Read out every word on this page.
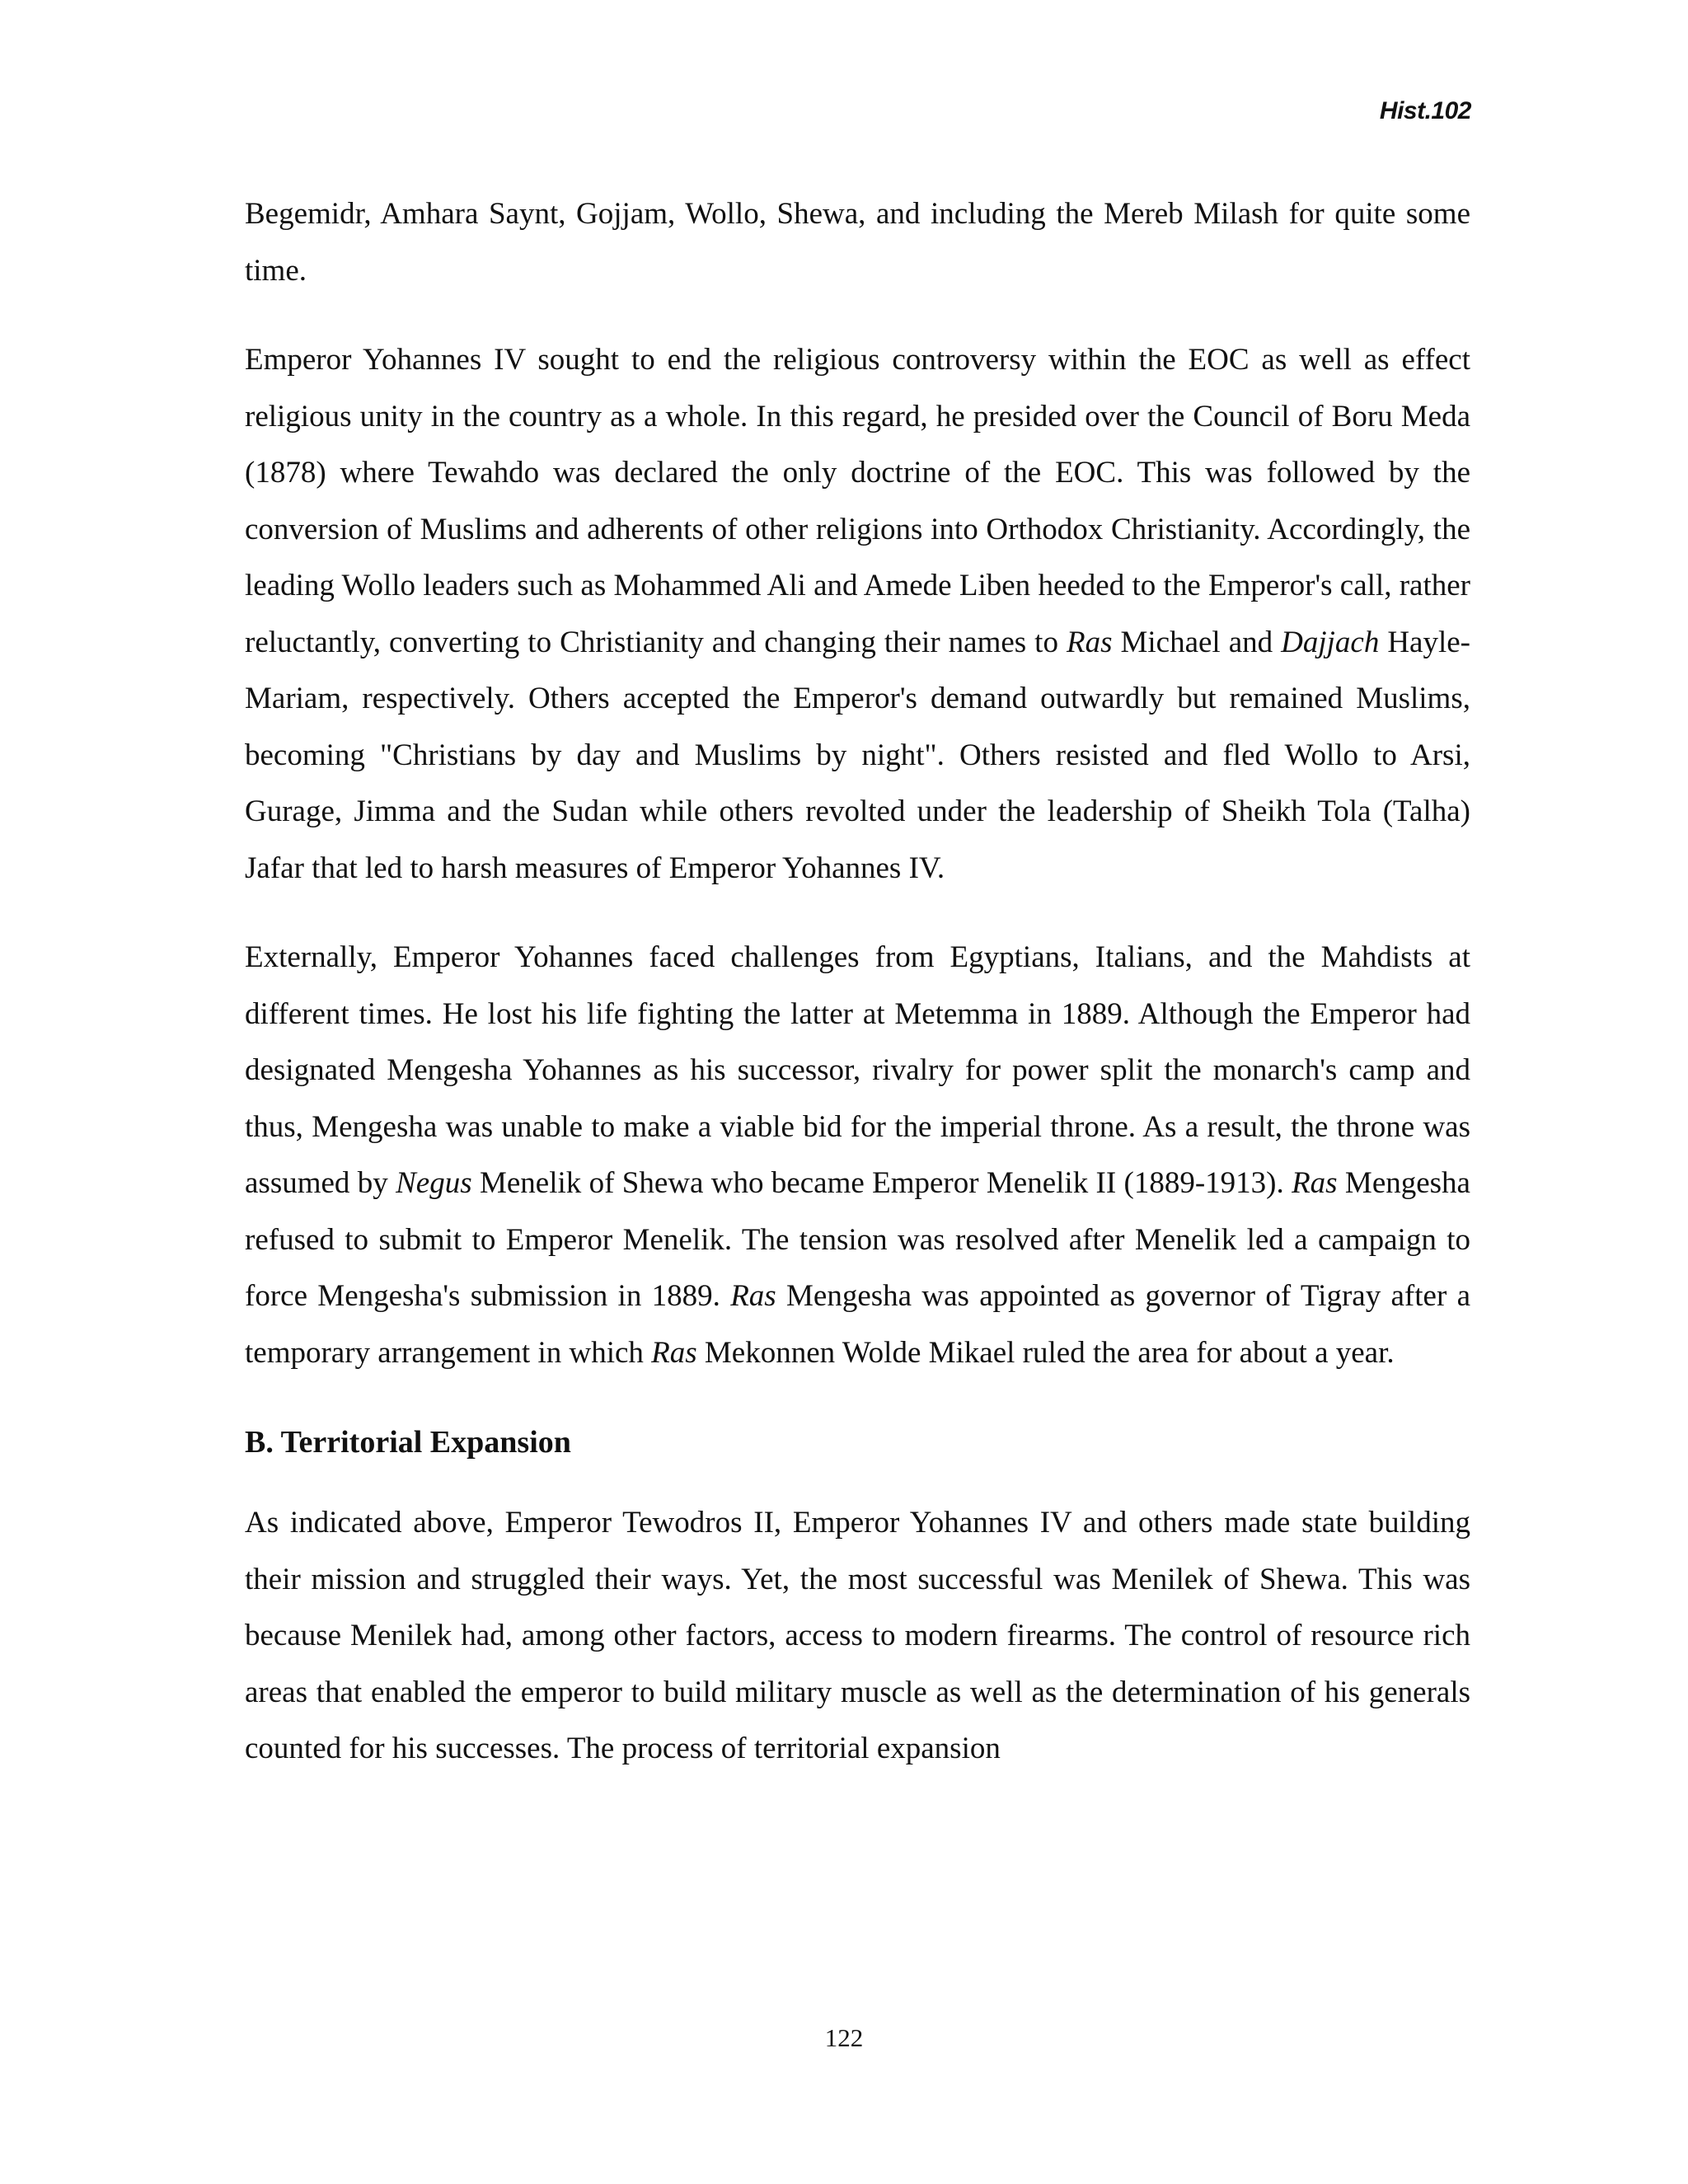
Hist.102

Begemidr, Amhara Saynt, Gojjam, Wollo, Shewa, and including the Mereb Milash for quite some time.

Emperor Yohannes IV sought to end the religious controversy within the EOC as well as effect religious unity in the country as a whole. In this regard, he presided over the Council of Boru Meda (1878) where Tewahdo was declared the only doctrine of the EOC. This was followed by the conversion of Muslims and adherents of other religions into Orthodox Christianity. Accordingly, the leading Wollo leaders such as Mohammed Ali and Amede Liben heeded to the Emperor's call, rather reluctantly, converting to Christianity and changing their names to Ras Michael and Dajjach Hayle-Mariam, respectively. Others accepted the Emperor's demand outwardly but remained Muslims, becoming "Christians by day and Muslims by night". Others resisted and fled Wollo to Arsi, Gurage, Jimma and the Sudan while others revolted under the leadership of Sheikh Tola (Talha) Jafar that led to harsh measures of Emperor Yohannes IV.

Externally, Emperor Yohannes faced challenges from Egyptians, Italians, and the Mahdists at different times. He lost his life fighting the latter at Metemma in 1889. Although the Emperor had designated Mengesha Yohannes as his successor, rivalry for power split the monarch's camp and thus, Mengesha was unable to make a viable bid for the imperial throne. As a result, the throne was assumed by Negus Menelik of Shewa who became Emperor Menelik II (1889-1913). Ras Mengesha refused to submit to Emperor Menelik. The tension was resolved after Menelik led a campaign to force Mengesha's submission in 1889. Ras Mengesha was appointed as governor of Tigray after a temporary arrangement in which Ras Mekonnen Wolde Mikael ruled the area for about a year.

B. Territorial Expansion

As indicated above, Emperor Tewodros II, Emperor Yohannes IV and others made state building their mission and struggled their ways. Yet, the most successful was Menilek of Shewa. This was because Menilek had, among other factors, access to modern firearms. The control of resource rich areas that enabled the emperor to build military muscle as well as the determination of his generals counted for his successes. The process of territorial expansion

122
